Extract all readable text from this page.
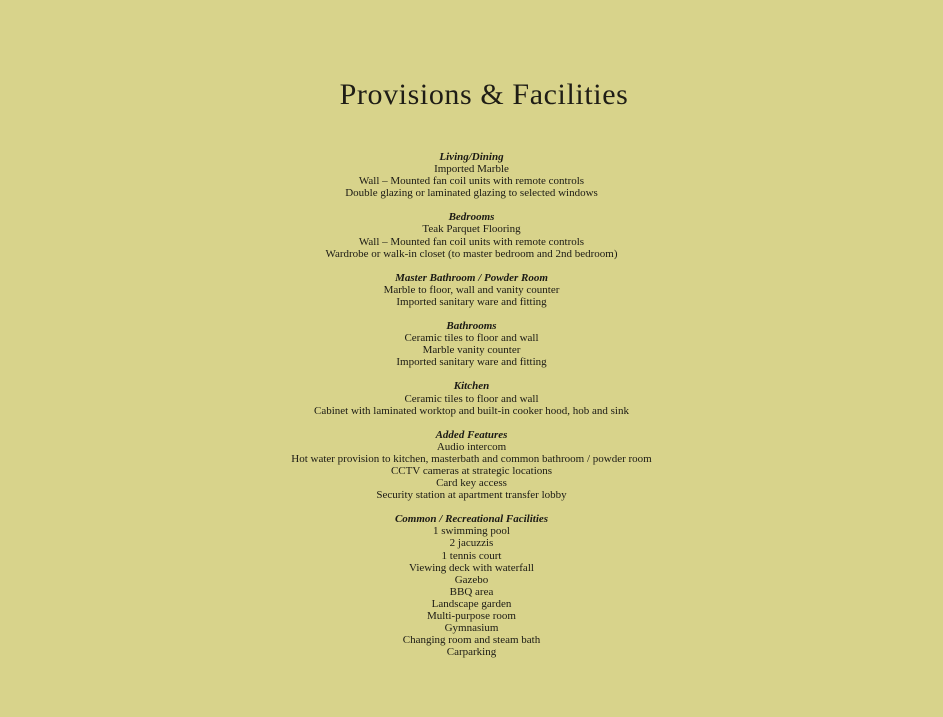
Provisions & Facilities
Living/Dining
Imported Marble
Wall – Mounted fan coil units with remote controls
Double glazing or laminated glazing to selected windows
Bedrooms
Teak Parquet Flooring
Wall – Mounted fan coil units with remote controls
Wardrobe or walk-in closet (to master bedroom and 2nd bedroom)
Master Bathroom / Powder Room
Marble to floor, wall and vanity counter
Imported sanitary ware and fitting
Bathrooms
Ceramic tiles to floor and wall
Marble vanity counter
Imported sanitary ware and fitting
Kitchen
Ceramic tiles to floor and wall
Cabinet with laminated worktop and built-in cooker hood, hob and sink
Added Features
Audio intercom
Hot water provision to kitchen, masterbath and common bathroom / powder room
CCTV cameras at strategic locations
Card key access
Security station at apartment transfer lobby
Common / Recreational Facilities
1 swimming pool
2 jacuzzis
1 tennis court
Viewing deck with waterfall
Gazebo
BBQ area
Landscape garden
Multi-purpose room
Gymnasium
Changing room and steam bath
Carparking
